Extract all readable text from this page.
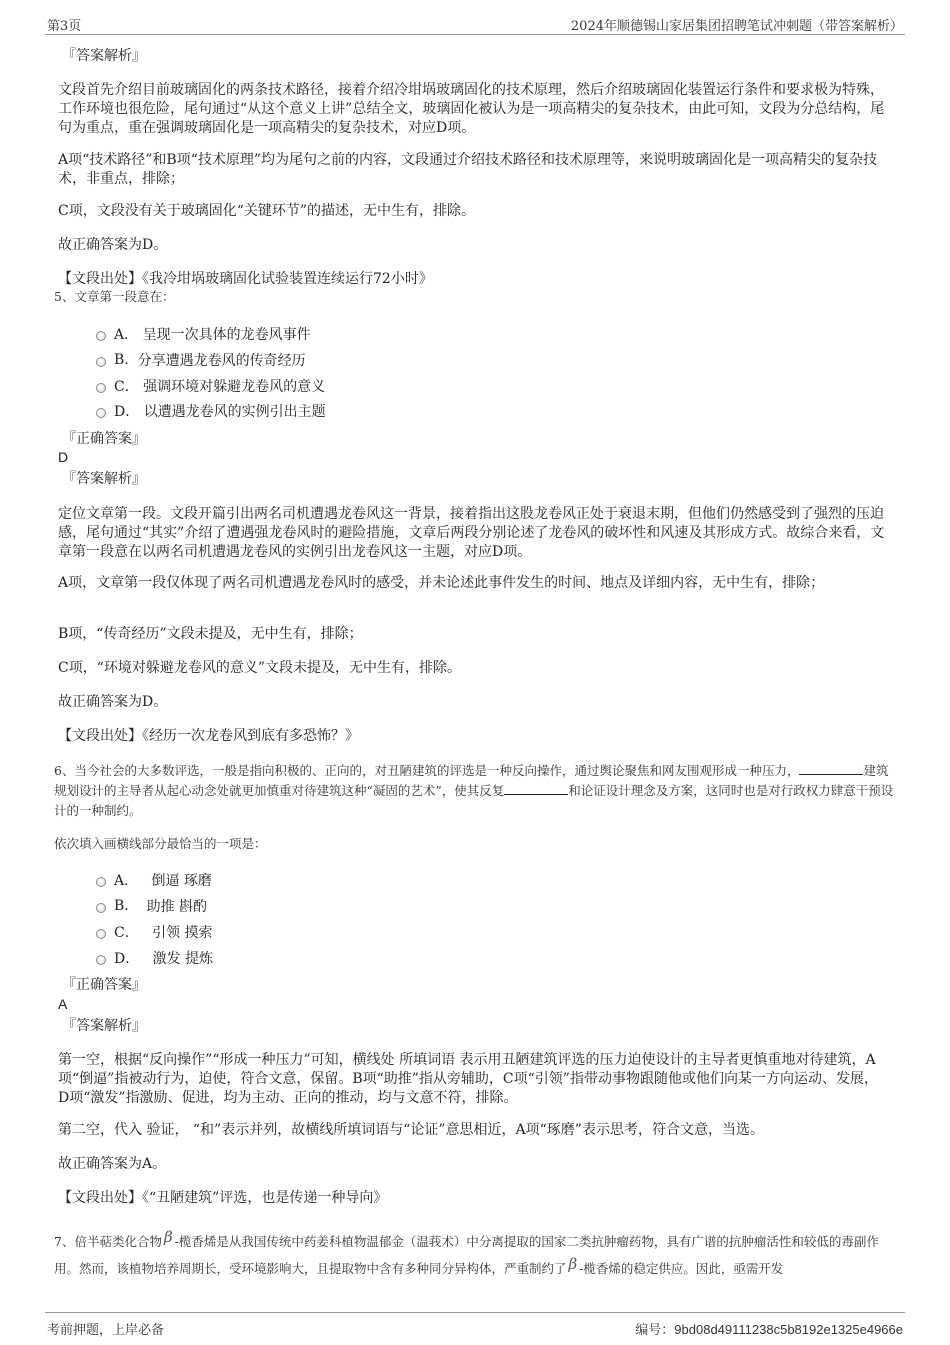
第3页	2024年顺德锡山家居集团招聘笔试冲刺题（带答案解析）
『答案解析』

文段首先介绍目前玻璃固化的两条技术路径，接着介绍冷坩埚玻璃固化的技术原理，然后介绍玻璃固化装置运行条件和要求极为特殊，工作环境也很危险，尾句通过“从这个意义上讲”总结全文，玻璃固化被认为是一项高精尖的复杂技术，由此可知，文段为分总结构，尾句为重点，重在强调玻璃固化是一项高精尖的复杂技术，对应D项。

A项“技术路径”和B项“技术原理”均为尾句之前的内容，文段通过介绍技术路径和技术原理等，来说明玻璃固化是一项高精尖的复杂技术，非重点，排除；

C项，文段没有关于玻璃固化“关键环节”的描述，无中生有，排除。

故正确答案为D。

【文段出处】《我冷坩埚玻璃固化试验装置连续运行72小时》

5、文章第一段意在：

A．
呈现一次具体的龙卷风事件
B.
分享遭遇龙卷风的传奇经历
C．
强调环境对躲避龙卷风的意义
D．
以遭遇龙卷风的实例引出主题
『正确答案』
D
『答案解析』

定位文章第一段。文段开篇引出两名司机遭遇龙卷风这一背景，接着指出这股龙卷风正处于衰退末期，但他们仍然感受到了强烈的压迫感，尾句通过“其实”介绍了遭遇强龙卷风时的避险措施，文章后两段分别论述了龙卷风的破坏性和风速及其形成方式。故综合来看，文章第一段意在以两名司机遭遇龙卷风的实例引出龙卷风这一主题，对应D项。

A项，文章第一段仅体现了两名司机遭遇龙卷风时的感受，并未论述此事件发生的时间、地点及详细内容，无中生有，排除；

B项，“传奇经历”文段未提及，无中生有，排除；

C项，“环境对躲避龙卷风的意义”文段未提及，无中生有，排除。

故正确答案为D。

【文段出处】《经历一次龙卷风到底有多恐怖？》

6、当今社会的大多数评选，一般是指向积极的、正向的，对丑陋建筑的评选是一种反向操作，通过舆论聚焦和网友围观形成一种压力，	建筑规划设计的主导者从起心动念处就更加慎重对待建筑这种“凝固的艺术”，使其反复	和论证设计理念及方案，这同时也是对行政权力肆意干预设计的一种制约。

依次填入画横线部分最恰当的一项是：

A．
倒逼 琢磨
B.
助推 斟酌
C．
引领 摸索
D．
激发 提炼
『正确答案』
A
『答案解析』

第一空，根据“反向操作”“形成一种压力”可知，横线处 所填词语 表示用丑陋建筑评选的压力迫使设计的主导者更慎重地对待建筑，A项“倒逼”指被动行为，迫使，符合文意，保留。B项“助推”指从旁辅助，C项“引领”指带动事物跟随他或他们向某一方向运动、发展，D项“激发”指激励、促进，均为主动、正向的推动，均与文意不符，排除。

第二空，代入 验证， “和”表示并列，故横线所填词语与“论证”意思相近，A项“琢磨”表示思考，符合文意，当选。

故正确答案为A。

【文段出处】《“丑陋建筑”评选，也是传递一种导向》

7、倍半萜类化合物 β -榄香烯是从我国传统中药姜科植物温郁金（温莪术）中分离提取的国家二类抗肿瘤药物，具有广谱的抗肿瘤活性和较低的毒副作用。然而，该植物培养周期长，受环境影响大，且提取物中含有多种同分异构体，严重制约了 β -榄香烯的稳定供应。因此，亟需开发

考前押题，上岸必备	编号：9bd08d49111238c5b8192e1325e4966e
